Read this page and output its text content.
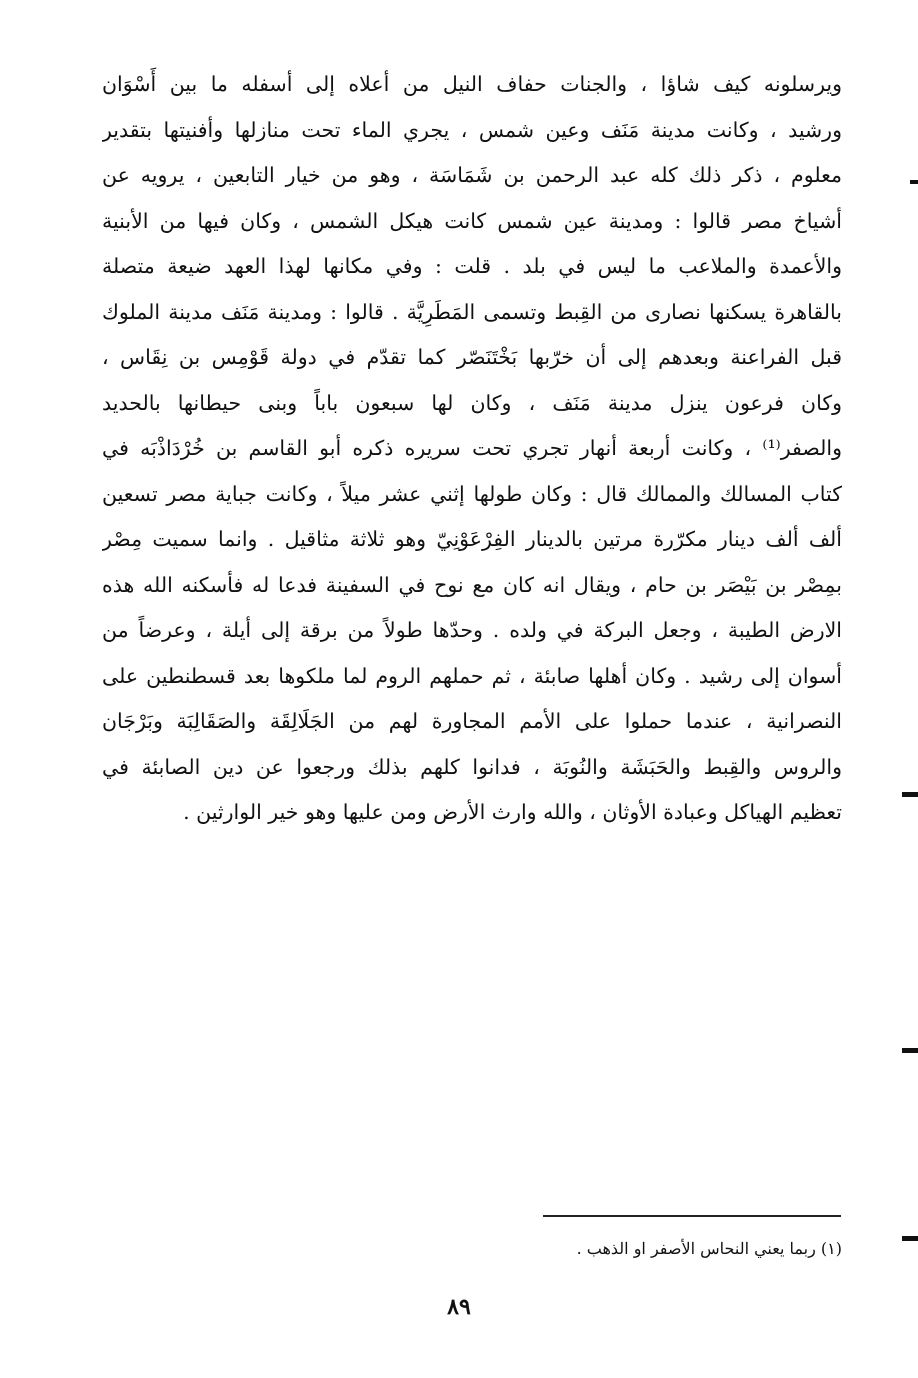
ويرسلونه كيف شاؤا ، والجنات حفاف النيل من أعلاه إلى أسفله ما بين أَسْوَان
ورشيد ، وكانت مدينة مَنَف وعين شمس ، يجري الماء تحت منازلها وأفنيتها بتقدير
معلوم ، ذكر ذلك كله عبد الرحمن بن شَمَاسَة ، وهو من خيار التابعين ، يرويه عن
أشياخ مصر قالوا : ومدينة عين شمس كانت هيكل الشمس ، وكان فيها من الأبنية
والأعمدة والملاعب ما ليس في بلد . قلت : وفي مكانها لهذا العهد ضيعة متصلة
بالقاهرة يسكنها نصارى من القِبط وتسمى المَطَرِيَّة . قالوا : ومدينة مَنَف مدينة الملوك
قبل الفراعنة وبعدهم إلى أن خرّبها بَخْتَنَصّر كما تقدّم في دولة قَوْمِس بن نِقَاس ،
وكان فرعون ينزل مدينة مَنَف ، وكان لها سبعون باباً وبنى حيطانها بالحديد
والصفر⁽¹⁾ ، وكانت أربعة أنهار تجري تحت سريره ذكره أبو القاسم بن خُرْدَاذْبَه في
كتاب المسالك والممالك قال : وكان طولها إثني عشر ميلاً ، وكانت جباية مصر تسعين
ألف ألف دينار مكرّرة مرتين بالدينار الفِرْعَوْنِيّ وهو ثلاثة مثاقيل . وانما سميت مِصْر
بمِصْر بن بَيْصَر بن حام ، ويقال انه كان مع نوح في السفينة فدعا له فأسكنه الله هذه
الارض الطيبة ، وجعل البركة في ولده . وحدّها طولاً من برقة إلى أيلة ، وعرضاً من
أسوان إلى رشيد . وكان أهلها صابئة ، ثم حملهم الروم لما ملكوها بعد قسطنطين على
النصرانية ، عندما حملوا على الأمم المجاورة لهم من الجَلَالِقَة والصَقَالِبَة وبَرْجَان
والروس والقِبط والحَبَشَة والنُوبَة ، فدانوا كلهم بذلك ورجعوا عن دين الصابئة في
تعظيم الهياكل وعبادة الأوثان ، والله وارث الأرض ومن عليها وهو خير الوارثين .
(١) ربما يعني النحاس الأصفر او الذهب .
٨٩
